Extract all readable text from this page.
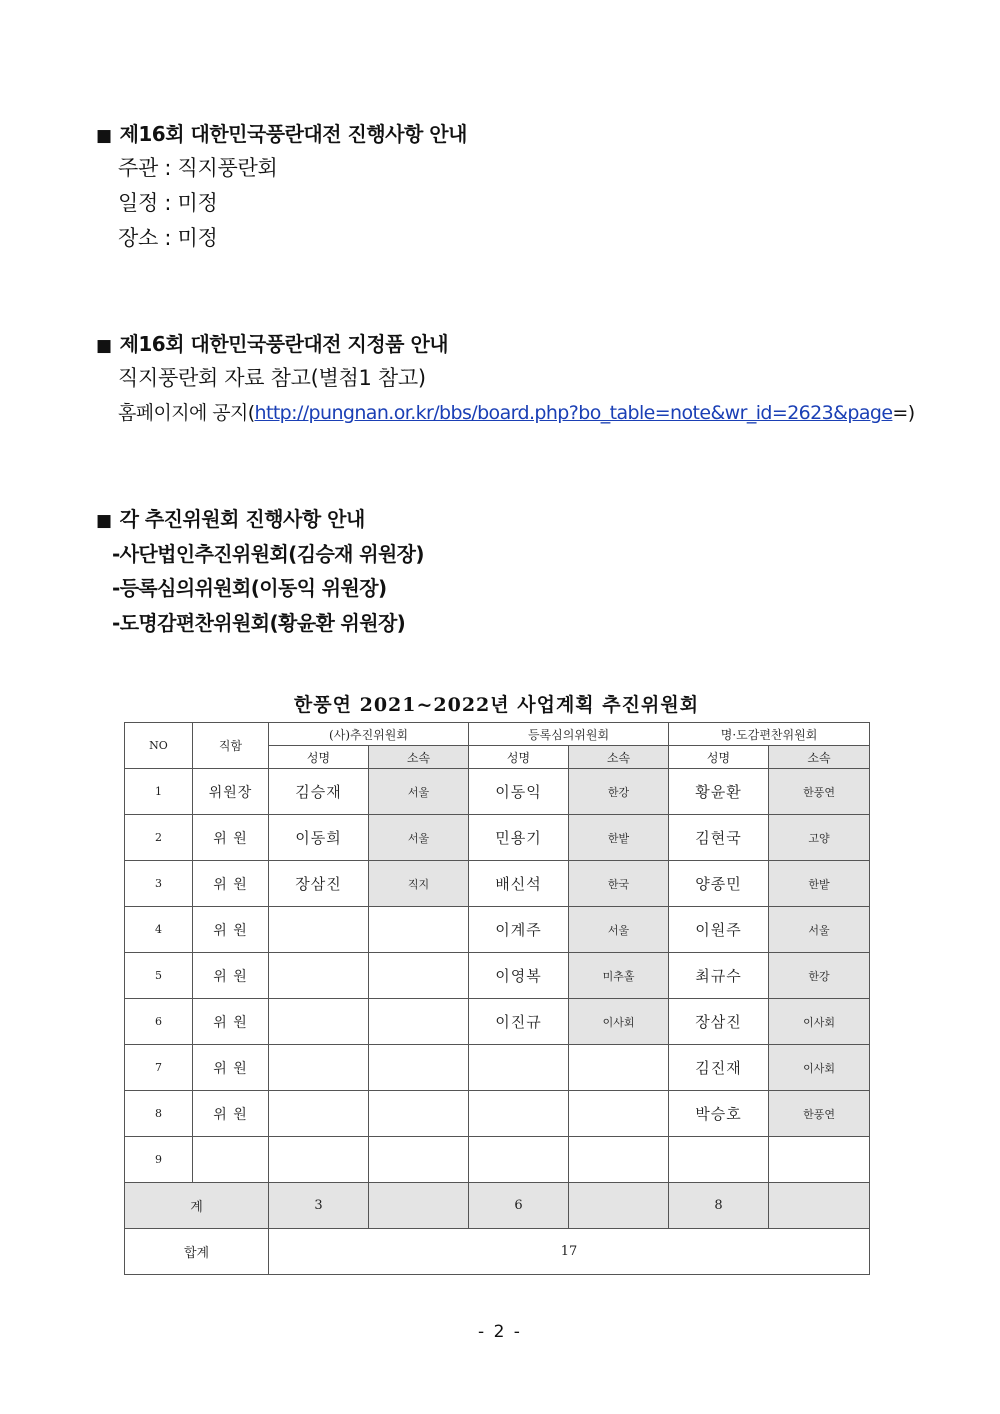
■ 제16회 대한민국풍란대전 진행사항 안내
주관 : 직지풍란회
일정 : 미정
장소 : 미정
■ 제16회 대한민국풍란대전 지정품 안내
직지풍란회 자료 참고(별첨1 참고)
홈페이지에 공지(http://pungnan.or.kr/bbs/board.php?bo_table=note&wr_id=2623&page=)
■ 각 추진위원회 진행사항 안내
-사단법인추진위원회(김승재 위원장)
-등록심의위원회(이동익 위원장)
-도명감편찬위원회(황윤환 위원장)
한풍연 2021~2022년 사업계획 추진위원회
NO	직함	(사)추진위원회		등록심의위원회		명·도감편찬위원회	
		성명	소속	성명	소속	성명	소속
1	위원장	김승재	서울	이동익	한강	황윤환	한풍연
2	위 원	이동희	서울	민용기	한밭	김현국	고양
3	위 원	장삼진	직지	배신석	한국	양종민	한밭
4	위 원			이계주	서울	이원주	서울
5	위 원			이영복	미추홀	최규수	한강
6	위 원			이진규	이사회	장삼진	이사회
7	위 원					김진재	이사회
8	위 원					박승호	한풍연
9							
계		3		6		8	
합계		17					
- 2 -
